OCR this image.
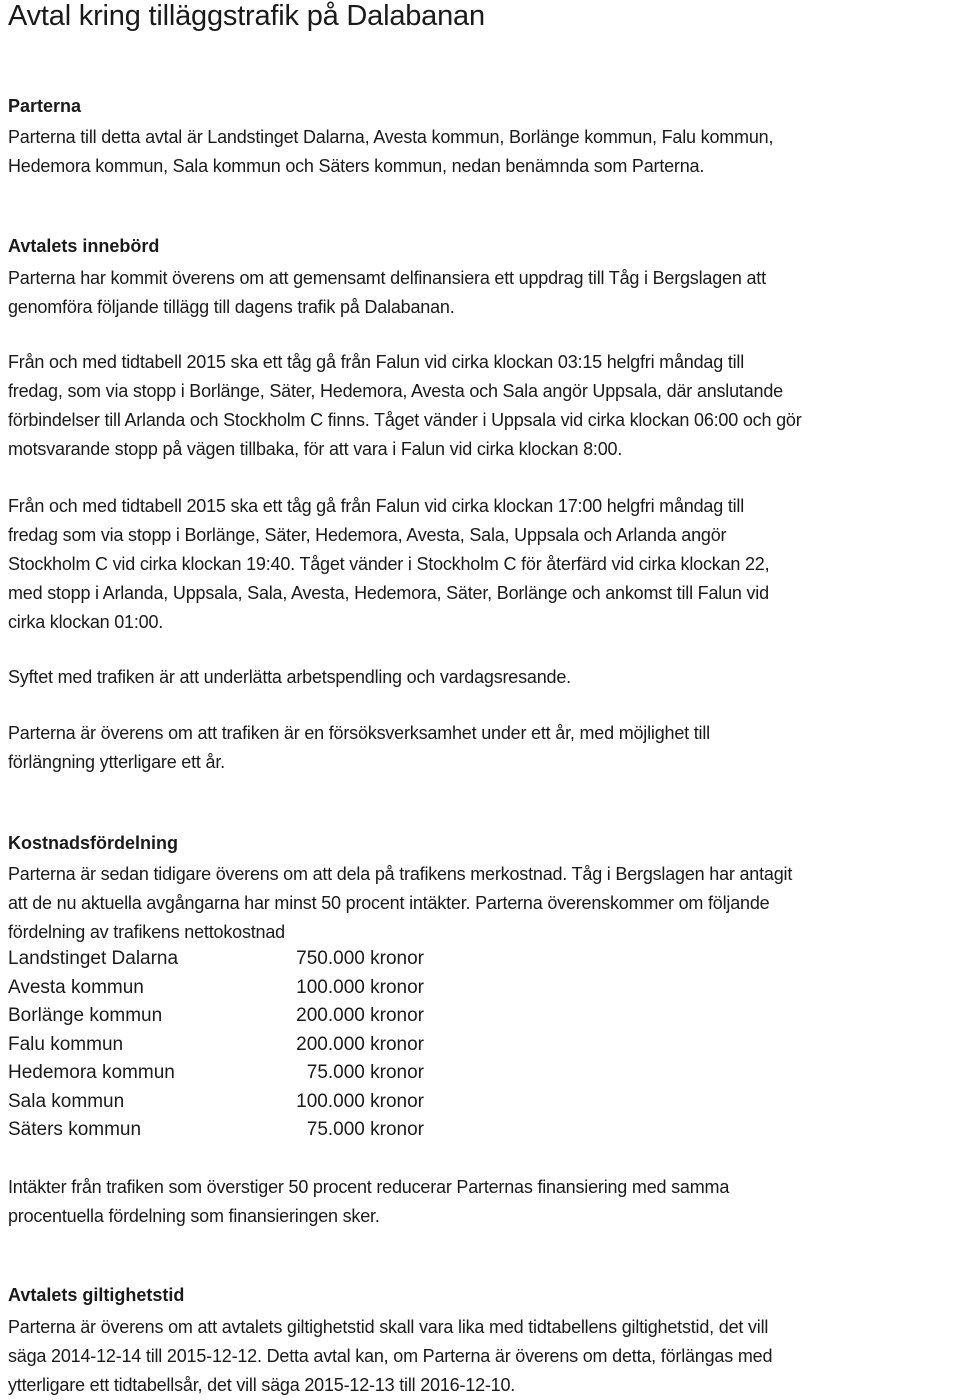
Avtal kring tilläggstrafik på Dalabanan
Parterna
Parterna till detta avtal är Landstinget Dalarna, Avesta kommun, Borlänge kommun, Falu kommun,
Hedemora kommun, Sala kommun och Säters kommun, nedan benämnda som Parterna.
Avtalets innebörd
Parterna har kommit överens om att gemensamt delfinansiera ett uppdrag till Tåg i Bergslagen att
genomföra följande tillägg till dagens trafik på Dalabanan.
Från och med tidtabell 2015 ska ett tåg gå från Falun vid cirka klockan 03:15 helgfri måndag till
fredag, som via stopp i Borlänge, Säter, Hedemora, Avesta och Sala angör Uppsala, där anslutande
förbindelser till Arlanda och Stockholm C finns. Tåget vänder i Uppsala vid cirka klockan 06:00 och gör
motsvarande stopp på vägen tillbaka, för att vara i Falun vid cirka klockan 8:00.
Från och med tidtabell 2015 ska ett tåg gå från Falun vid cirka klockan 17:00 helgfri måndag till
fredag som via stopp i Borlänge, Säter, Hedemora, Avesta, Sala, Uppsala och Arlanda angör
Stockholm C vid cirka klockan 19:40. Tåget vänder i Stockholm C för återfärd vid cirka klockan 22,
med stopp i Arlanda, Uppsala, Sala, Avesta, Hedemora, Säter, Borlänge och ankomst till Falun vid
cirka klockan 01:00.
Syftet med trafiken är att underlätta arbetspendling och vardagsresande.
Parterna är överens om att trafiken är en försöksverksamhet under ett år, med möjlighet till
förlängning ytterligare ett år.
Kostnadsfördelning
Parterna är sedan tidigare överens om att dela på trafikens merkostnad. Tåg i Bergslagen har antagit
att de nu aktuella avgångarna har minst 50 procent intäkter. Parterna överenskommer om följande
fördelning av trafikens nettokostnad
Landstinget Dalarna	750.000 kronor
Avesta kommun	100.000 kronor
Borlänge kommun	200.000 kronor
Falu kommun	200.000 kronor
Hedemora kommun	75.000 kronor
Sala kommun	100.000 kronor
Säters kommun	75.000 kronor
Intäkter från trafiken som överstiger 50 procent reducerar Parternas finansiering med samma
procentuella fördelning som finansieringen sker.
Avtalets giltighetstid
Parterna är överens om att avtalets giltighetstid skall vara lika med tidtabellens giltighetstid, det vill
säga 2014-12-14 till 2015-12-12. Detta avtal kan, om Parterna är överens om detta, förlängas med
ytterligare ett tidtabellsår, det vill säga 2015-12-13 till 2016-12-10.
